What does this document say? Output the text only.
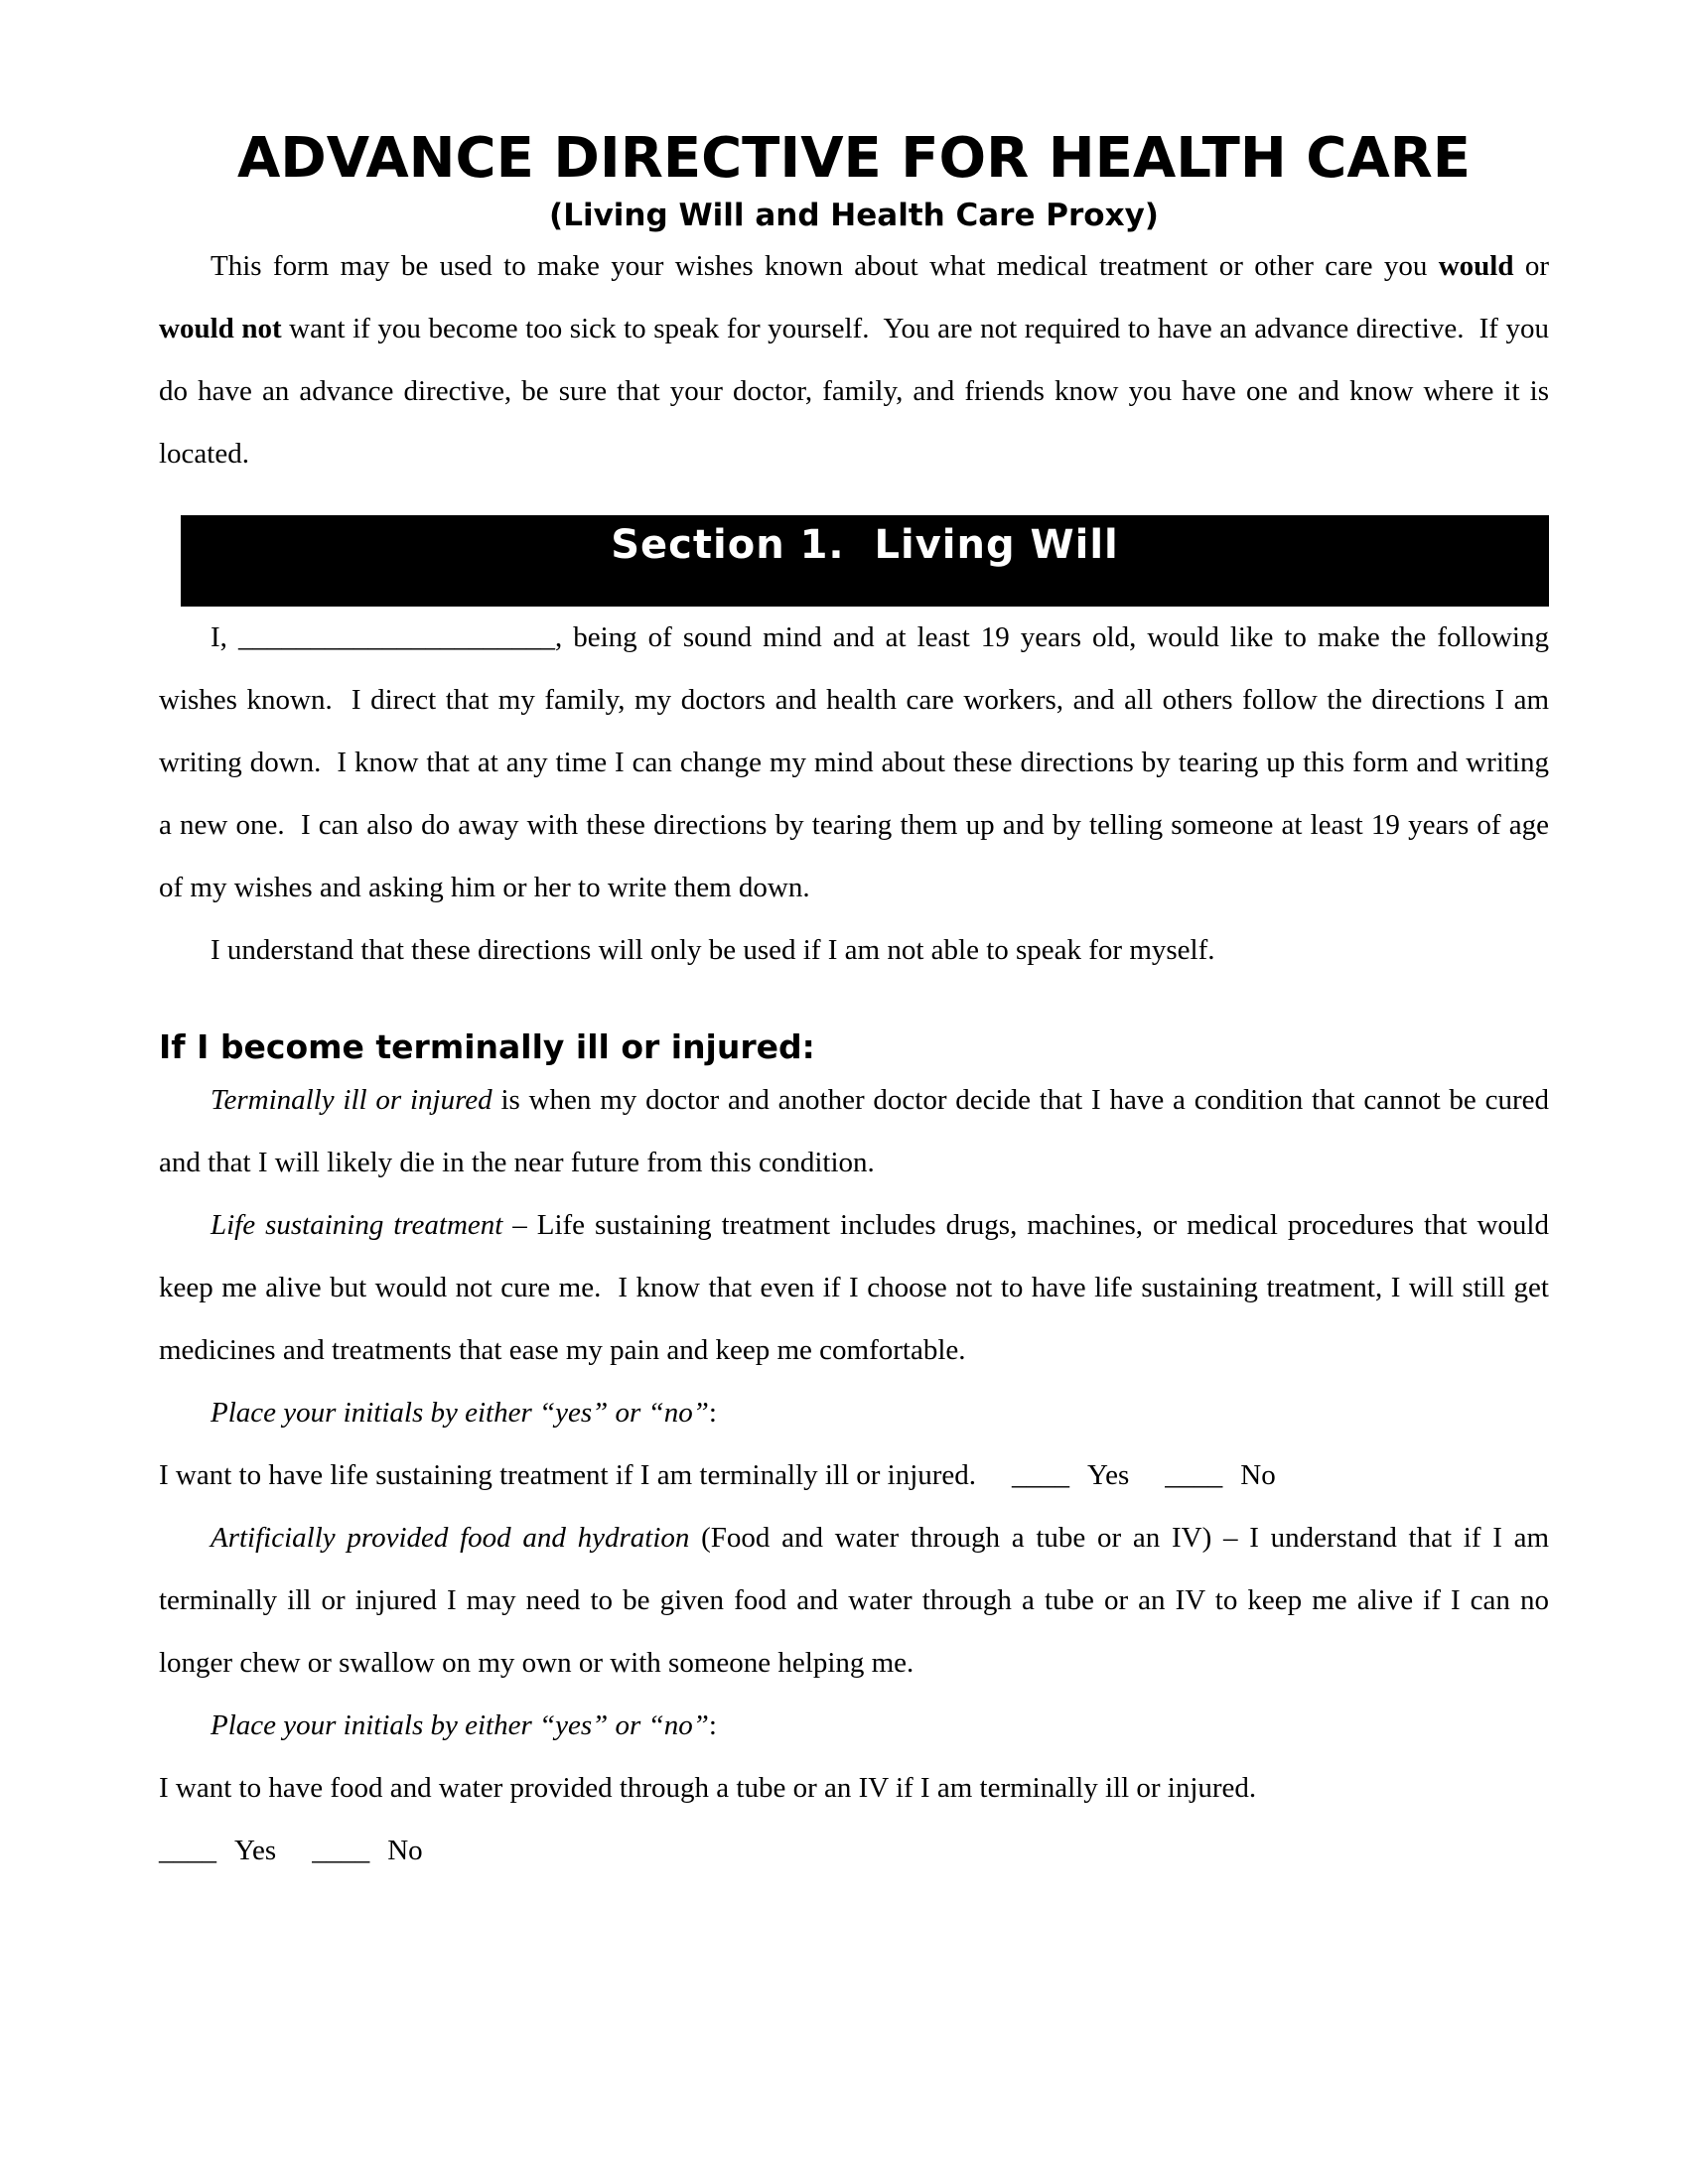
ADVANCE DIRECTIVE FOR HEALTH CARE
(Living Will and Health Care Proxy)

This form may be used to make your wishes known about what medical treatment or other care you would or would not want if you become too sick to speak for yourself.  You are not required to have an advance directive.  If you do have an advance directive, be sure that your doctor, family, and friends know you have one and know where it is located.

Section 1.  Living Will

I, ______________________, being of sound mind and at least 19 years old, would like to make the following wishes known.  I direct that my family, my doctors and health care workers, and all others follow the directions I am writing down.  I know that at any time I can change my mind about these directions by tearing up this form and writing a new one.  I can also do away with these directions by tearing them up and by telling someone at least 19 years of age of my wishes and asking him or her to write them down.

I understand that these directions will only be used if I am not able to speak for myself.

If I become terminally ill or injured:

Terminally ill or injured is when my doctor and another doctor decide that I have a condition that cannot be cured and that I will likely die in the near future from this condition.

Life sustaining treatment – Life sustaining treatment includes drugs, machines, or medical procedures that would keep me alive but would not cure me.  I know that even if I choose not to have life sustaining treatment, I will still get medicines and treatments that ease my pain and keep me comfortable.

Place your initials by either “yes” or “no”:

I want to have life sustaining treatment if I am terminally ill or injured. ____ Yes ____ No

Artificially provided food and hydration (Food and water through a tube or an IV) – I understand that if I am terminally ill or injured I may need to be given food and water through a tube or an IV to keep me alive if I can no longer chew or swallow on my own or with someone helping me.

Place your initials by either “yes” or “no”:

I want to have food and water provided through a tube or an IV if I am terminally ill or injured.

____ Yes ____ No
